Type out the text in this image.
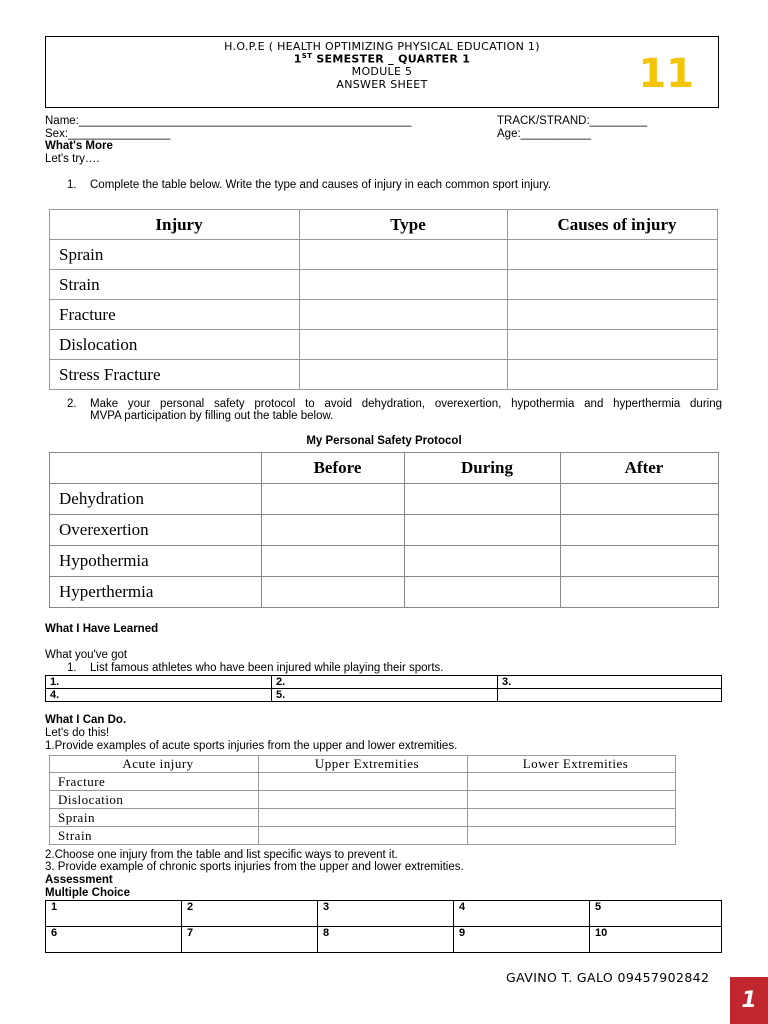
H.O.P.E ( HEALTH OPTIMIZING PHYSICAL EDUCATION 1)
1ST SEMESTER _ QUARTER 1
MODULE 5
ANSWER SHEET	11
Name:____________________________________________________	TRACK/STRAND:_________
Sex:________________	Age:___________
What's More
Let's try….
1. Complete the table below. Write the type and causes of injury in each common sport injury.
Injury	Type	Causes of injury
Sprain		
Strain		
Fracture		
Dislocation		
Stress Fracture		
2. Make your personal safety protocol to avoid dehydration, overexertion, hypothermia and hyperthermia during
MVPA participation by filling out the table below.
My Personal Safety Protocol
	Before	During	After
Dehydration			
Overexertion			
Hypothermia			
Hyperthermia			
What I Have Learned
What you've got
1. List famous athletes who have been injured while playing their sports.
1.	2.	3.
4.	5.	
What I Can Do.
Let's do this!
1.Provide examples of acute sports injuries from the upper and lower extremities.
Acute injury	Upper Extremities	Lower Extremities
Fracture		
Dislocation		
Sprain		
Strain		
2.Choose one injury from the table and list specific ways to prevent it.
3. Provide example of chronic sports injuries from the upper and lower extremities.
Assessment
Multiple Choice
1	2	3	4	5
6	7	8	9	10
GAVINO T. GALO 09457902842
1
